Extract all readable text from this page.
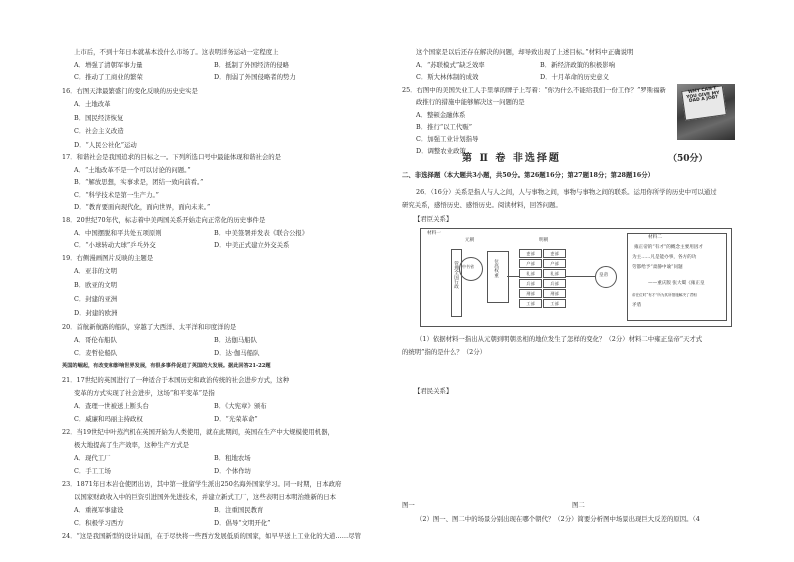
上市后，不到十年日本就基本没什么市场了。这表明洋务运动一定程度上
A．增强了清朝军事力量	B．抵制了外国经济的侵略
C．推动了工商业的繁荣	D．削弱了外国侵略者的势力
16．右图天津最繁盛门的变化反映的历史史实是
A．土地改革
B．国民经济恢复
C．社会主义改造
D．“人民公社化”运动
17．和谐社会是我国追求的目标之一。下列所选口号中最能体现和谐社会的是
A．“土地改革不是一个可以讨论的问题。”
B．“解放思想，实事求是，团结一致向前看。”
C．“科学技术是第一生产力。”
D．“教育要面向现代化，面向世界，面向未来。”
18．20世纪70年代，标志着中美两国关系开始走向正常化的历史事件是
A．中国摆脱和平共处五项原则	B．中美签署并发表《联合公报》
C．“小球转动大球”乒乓外交	D．中美正式建立外交关系
19．右侧漫画图片反映的主题是
A．亚非的文明
B．欧亚的文明
C．封建的亚洲
D．封建的欧洲
20．首航新航路的船队，穿越了大西洋、太平洋和印度洋的是
A．哥伦布船队	B．达伽马船队
C．麦哲伦船队	D．达·伽马船队
英国的崛起，有改变和影响世界发展，有很多事件促进了英国的大发展。据此回答21-22题
21．17世纪的英国进行了一种适合于本国历史和政治传统的社会进步方式，这种
变革的方式实现了社会进步，这场“和平变革”是指
A．查理一世被送上断头台	B．《大宪章》颁布
C．威廉和玛丽主持政权	D．“光荣革命”
22．当19世纪中叶蒸汽机在英国开始为人类使用，就在此期间，英国在生产中大规模使用机器，
极大地提高了生产效率，这种生产方式是
A．现代工厂	B．租地农场
C．手工工场	D．个体作坊
23．1871年日本岩仓使团出访，其中第一批留学生派出250名海外国家学习。同一时期，日本政府
以国家财政收入中的巨资引进国外先进技术，并建立新式工厂，这些表明日本明治维新的日本
A．重视军事建设	B．注重国民教育
C．积极学习西方	D．倡导“文明开化”
24．“这是我国新型的设计局面，在于尽快将一些西方发展低质的国家，如早早送上工业化的大道……尽管
这个国家是以后还存在解决的问题，却导致出现了上述目标。”材料中正确说明
A．“苏联模式”缺乏效率	B．新经济政策的积极影响
C．斯大林体制的成效	D．十月革命的历史意义
25．右图中的美国失业工人手里拿的牌子上写着：“你为什么不能给我们一份工作？”罗斯福新
政推行的措施中能够解决这一问题的是
A．整顿金融体系
B．推行“以工代赈”
C．加强工业计划指导
D．调整农业政策
WHY CAN'T YOU GIVE MY DAD A JOB?
第 Ⅱ 卷 非选择题	（50分）
二、非选择题（本大题共3小题，共50分。第26题16分；第27题18分；第28题16分）
26．（16分）关系是指人与人之间，人与事物之间，事物与事物之间的联系。运用你所学的历史中可以通过
研究关系，感悟历史、感悟历史。阅读材料，回答问题。
【君臣关系】
材料一
元朝	明朝
管理全国行政 中书省	位高权重
吏部
户部
礼部
兵部
刑部
工部
吏部
户部
礼部
兵部
刑部
工部
皇帝
材料二
雍正帝的“有才”的概念主要用因才
为主……凡是能办事，各方的功
劳都给予“肃静中谕”问题
——重庆版 张大蜀《雍正皇
帝在位时“有才”所为其所措施解决了君相
矛盾
（1）依据材料一指出从元朝到明朝丞相的地位发生了怎样的变化？（2分）材料二中雍正皇帝“天才式
的统明”指的是什么？（2分）
【君民关系】
图一	图二
（2）图一、图二中的场景分别出现在哪个朝代？（2分）简要分析图中场景出现巨大反差的原因。（4
